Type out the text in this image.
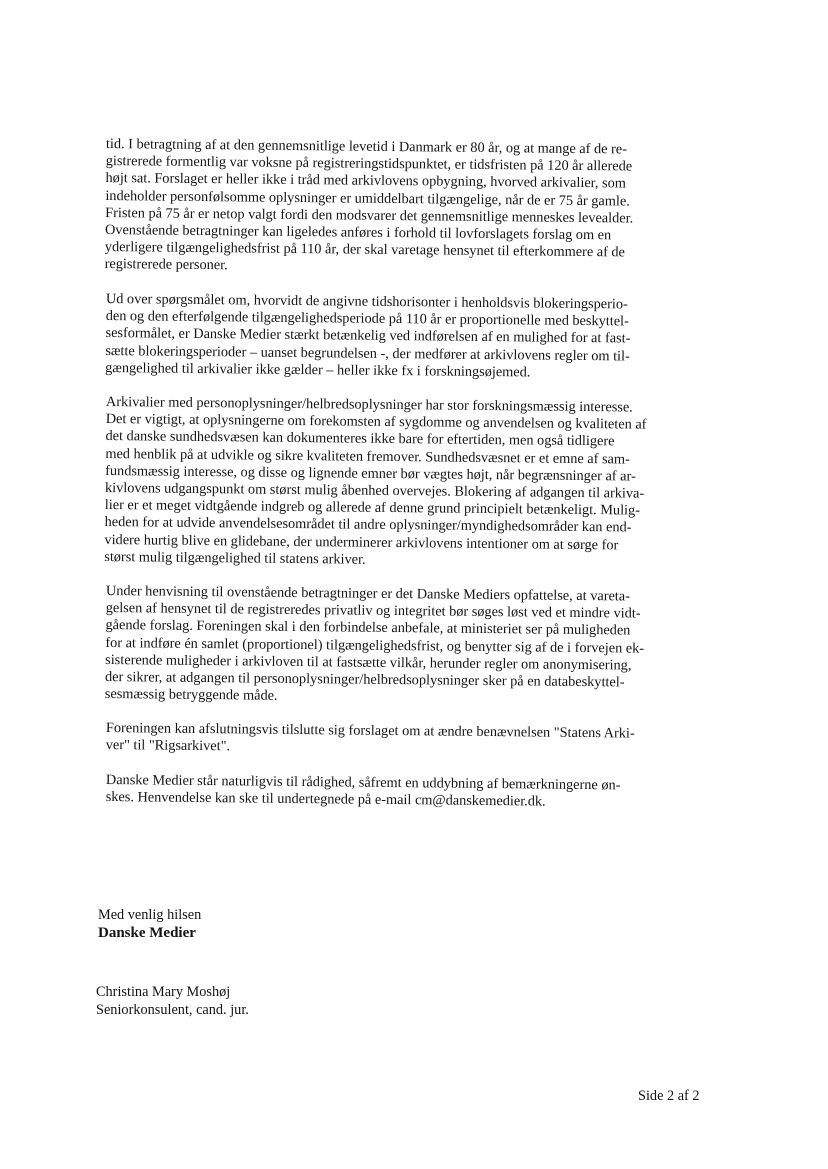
tid. I betragtning af at den gennemsnitlige levetid i Danmark er 80 år, og at mange af de re-
gistrerede formentlig var voksne på registreringstidspunktet, er tidsfristen på 120 år allerede
højt sat. Forslaget er heller ikke i tråd med arkivlovens opbygning, hvorved arkivalier, som
indeholder personfølsomme oplysninger er umiddelbart tilgængelige, når de er 75 år gamle.
Fristen på 75 år er netop valgt fordi den modsvarer det gennemsnitlige menneskes levealder.
Ovenstående betragtninger kan ligeledes anføres i forhold til lovforslagets forslag om en
yderligere tilgængelighedsfrist på 110 år, der skal varetage hensynet til efterkommere af de
registrerede personer.

Ud over spørgsmålet om, hvorvidt de angivne tidshorisonter i henholdsvis blokeringsperio-
den og den efterfølgende tilgængelighedsperiode på 110 år er proportionelle med beskyttel-
sesformålet, er Danske Medier stærkt betænkelig ved indførelsen af en mulighed for at fast-
sætte blokeringsperioder – uanset begrundelsen -, der medfører at arkivlovens regler om til-
gængelighed til arkivalier ikke gælder – heller ikke fx i forskningsøjemed.

Arkivalier med personoplysninger/helbredsoplysninger har stor forskningsmæssig interesse.
Det er vigtigt, at oplysningerne om forekomsten af sygdomme og anvendelsen og kvaliteten af
det danske sundhedsvæsen kan dokumenteres ikke bare for eftertiden, men også tidligere
med henblik på at udvikle og sikre kvaliteten fremover. Sundhedsvæsnet er et emne af sam-
fundsmæssig interesse, og disse og lignende emner bør vægtes højt, når begrænsninger af ar-
kivlovens udgangspunkt om størst mulig åbenhed overvejes. Blokering af adgangen til arkiva-
lier er et meget vidtgående indgreb og allerede af denne grund principielt betænkeligt. Mulig-
heden for at udvide anvendelsesområdet til andre oplysninger/myndighedsområder kan end-
videre hurtig blive en glidebane, der underminerer arkivlovens intentioner om at sørge for
størst mulig tilgængelighed til statens arkiver.

Under henvisning til ovenstående betragtninger er det Danske Mediers opfattelse, at vareta-
gelsen af hensynet til de registreredes privatliv og integritet bør søges løst ved et mindre vidt-
gående forslag. Foreningen skal i den forbindelse anbefale, at ministeriet ser på muligheden
for at indføre én samlet (proportionel) tilgængelighedsfrist, og benytter sig af de i forvejen ek-
sisterende muligheder i arkivloven til at fastsætte vilkår, herunder regler om anonymisering,
der sikrer, at adgangen til personoplysninger/helbredsoplysninger sker på en databeskyttel-
sesmæssig betryggende måde.

Foreningen kan afslutningsvis tilslutte sig forslaget om at ændre benævnelsen "Statens Arki-
ver" til "Rigsarkivet".

Danske Medier står naturligvis til rådighed, såfremt en uddybning af bemærkningerne øn-
skes. Henvendelse kan ske til undertegnede på e-mail cm@danskemedier.dk.

Med venlig hilsen
Danske Medier
Christina Mary Moshøj
Seniorkonsulent, cand. jur.
Side 2 af 2
